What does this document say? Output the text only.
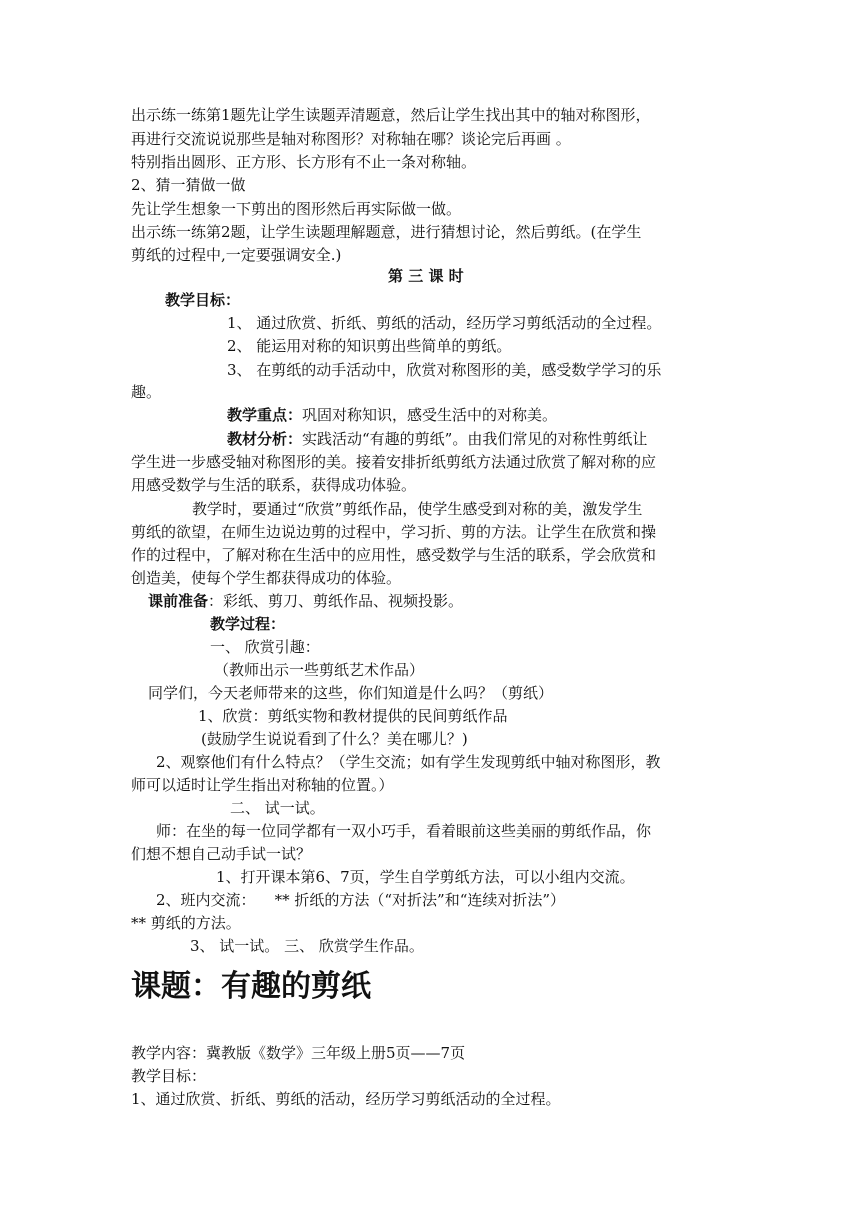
出示练一练第1题先让学生读题弄清题意，然后让学生找出其中的轴对称图形，
再进行交流说说那些是轴对称图形？对称轴在哪？谈论完后再画 。
特别指出圆形、正方形、长方形有不止一条对称轴。
2、猜一猜做一做
先让学生想象一下剪出的图形然后再实际做一做。
出示练一练第2题，让学生读题理解题意，进行猜想讨论，然后剪纸。(在学生
剪纸的过程中,一定要强调安全.)
第 三 课 时
教学目标：
1、 通过欣赏、折纸、剪纸的活动，经历学习剪纸活动的全过程。
2、 能运用对称的知识剪出些简单的剪纸。
3、 在剪纸的动手活动中，欣赏对称图形的美，感受数学学习的乐
趣。
教学重点：巩固对称知识，感受生活中的对称美。
教材分析：实践活动“有趣的剪纸”。由我们常见的对称性剪纸让
学生进一步感受轴对称图形的美。接着安排折纸剪纸方法通过欣赏了解对称的应
用感受数学与生活的联系，获得成功体验。
教学时，要通过“欣赏”剪纸作品，使学生感受到对称的美，激发学生
剪纸的欲望，在师生边说边剪的过程中，学习折、剪的方法。让学生在欣赏和操
作的过程中，了解对称在生活中的应用性，感受数学与生活的联系，学会欣赏和
创造美，使每个学生都获得成功的体验。
课前准备：彩纸、剪刀、剪纸作品、视频投影。
教学过程：
一、 欣赏引趣：
（教师出示一些剪纸艺术作品）
同学们，今天老师带来的这些，你们知道是什么吗？（剪纸）
1、欣赏：剪纸实物和教材提供的民间剪纸作品
(鼓励学生说说看到了什么？美在哪儿？)
2、观察他们有什么特点？（学生交流；如有学生发现剪纸中轴对称图形，教
师可以适时让学生指出对称轴的位置。）
二、 试一试。
师：在坐的每一位同学都有一双小巧手，看着眼前这些美丽的剪纸作品，你
们想不想自己动手试一试？
1、打开课本第6、7页，学生自学剪纸方法，可以小组内交流。
2、班内交流：    ** 折纸的方法（“对折法”和“连续对折法”）
** 剪纸的方法。
3、 试一试。 三、 欣赏学生作品。
课题：有趣的剪纸
教学内容：冀教版《数学》三年级上册5页——7页
教学目标：
1、通过欣赏、折纸、剪纸的活动，经历学习剪纸活动的全过程。
